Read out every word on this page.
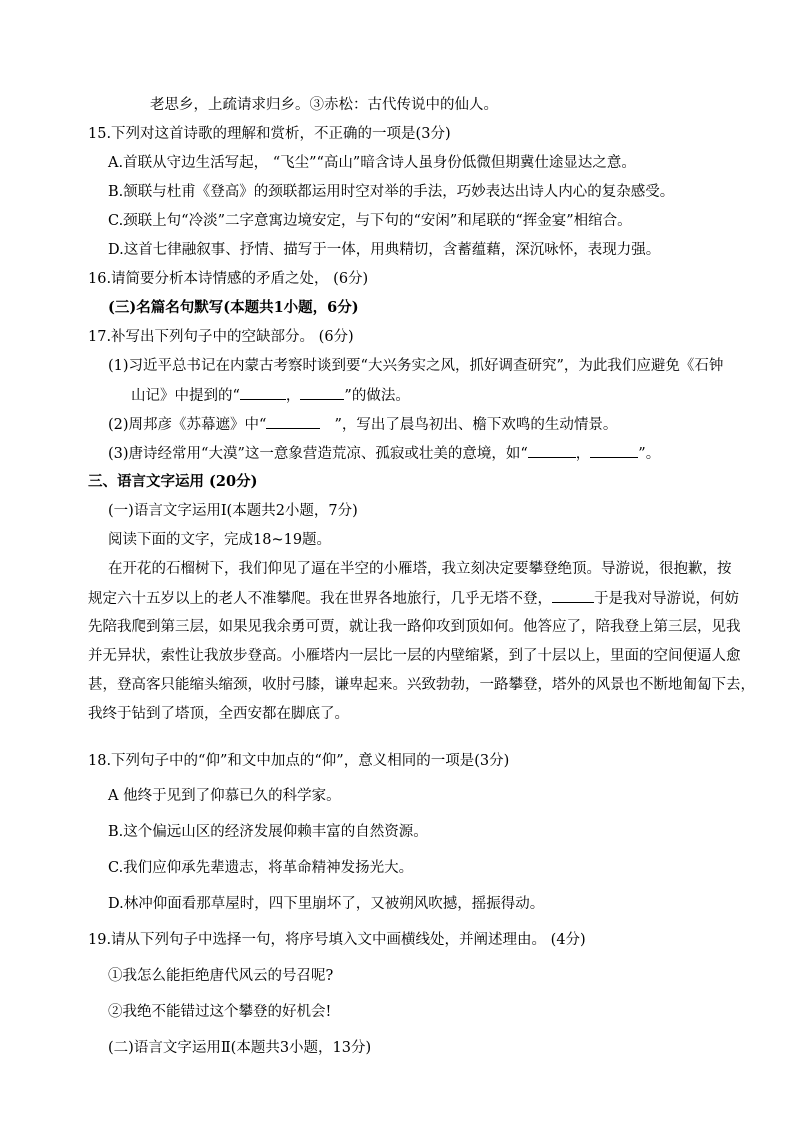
老思乡，上疏请求归乡。③赤松：古代传说中的仙人。
15.下列对这首诗歌的理解和赏析，不正确的一项是(3分)
A.首联从守边生活写起， “飞尘”“高山”暗含诗人虽身份低微但期冀仕途显达之意。
B.颔联与杜甫《登高》的颈联都运用时空对举的手法，巧妙表达出诗人内心的复杂感受。
C.颈联上句“冷淡”二字意寓边境安定，与下句的“安闲”和尾联的“挥金宴”相绾合。
D.这首七律融叙事、抒情、描写于一体，用典精切，含蓄蕴藉，深沉咏怀，表现力强。
16.请简要分析本诗情感的矛盾之处， (6分)
(三)名篇名句默写(本题共1小题，6分)
17.补写出下列句子中的空缺部分。 (6分)
(1)习近平总书记在内蒙古考察时谈到要“大兴务实之风，抓好调查研究”，为此我们应避免《石钟
山记》中提到的“	，	”的做法。
(2)周邦彦《苏幕遮》中“	”，写出了晨鸟初出、檐下欢鸣的生动情景。
(3)唐诗经常用“大漠”这一意象营造荒凉、孤寂或壮美的意境，如“	，	”。
三、语言文字运用 (20分)
(一)语言文字运用Ⅰ(本题共2小题，7分)
阅读下面的文字，完成18~19题。
在开花的石榴树下，我们仰见了逼在半空的小雁塔，我立刻决定要攀登绝顶。导游说，很抱歉，按
规定六十五岁以上的老人不准攀爬。我在世界各地旅行，几乎无塔不登，	于是我对导游说，何妨
先陪我爬到第三层，如果见我余勇可贾，就让我一路仰攻到顶如何。他答应了，陪我登上第三层，见我
并无异状，索性让我放步登高。小雁塔内一层比一层的内壁缩紧，到了十层以上，里面的空间便逼人愈
甚，登高客只能缩头缩颈，收肘弓膝，谦卑起来。兴致勃勃，一路攀登，塔外的风景也不断地匍匐下去，
我终于钻到了塔顶，全西安都在脚底了。
18.下列句子中的“仰”和文中加点的“仰”，意义相同的一项是(3分)
A 他终于见到了仰慕已久的科学家。
B.这个偏远山区的经济发展仰赖丰富的自然资源。
C.我们应仰承先辈遗志，将革命精神发扬光大。
D.林冲仰面看那草屋时，四下里崩坏了，又被朔风吹撼，摇振得动。
19.请从下列句子中选择一句，将序号填入文中画横线处，并阐述理由。 (4分)
①我怎么能拒绝唐代风云的号召呢?
②我绝不能错过这个攀登的好机会!
(二)语言文字运用Ⅱ(本题共3小题，13分)
